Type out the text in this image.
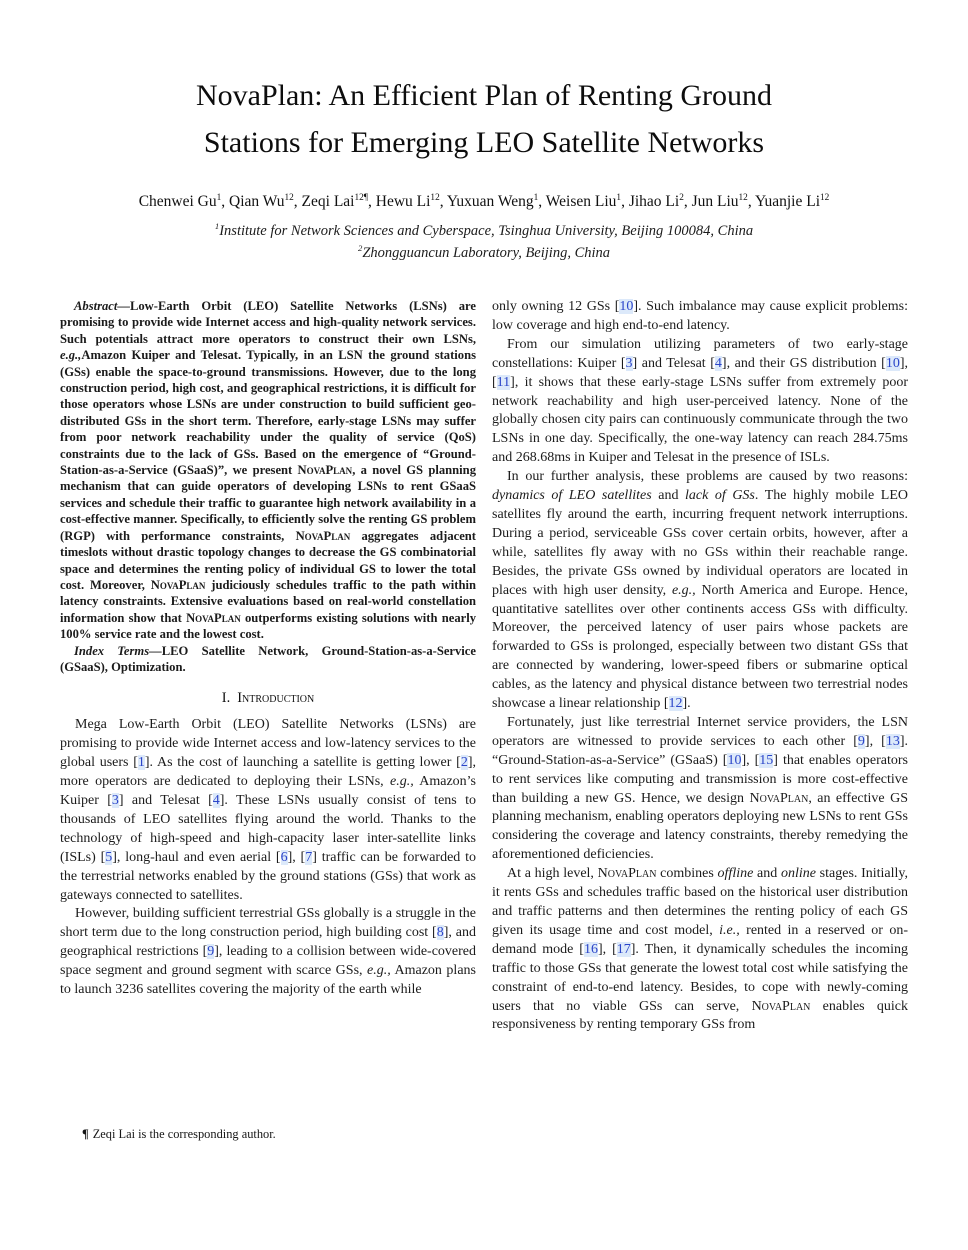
NovaPlan: An Efficient Plan of Renting Ground
Stations for Emerging LEO Satellite Networks
Chenwei Gu$^1$, Qian Wu$^{12}$, Zeqi Lai$^{12\P}$, Hewu Li$^{12}$, Yuxuan Weng$^1$, Weisen Liu$^1$, Jihao Li$^2$, Jun Liu$^{12}$, Yuanjie Li$^{12}$
$^1$Institute for Network Sciences and Cyberspace, Tsinghua University, Beijing 100084, China
$^2$Zhongguancun Laboratory, Beijing, China

Abstract—Low-Earth Orbit (LEO) Satellite Networks (LSNs) are promising to provide wide Internet access and high-quality network services. Such potentials attract more operators to construct their own LSNs, e.g.,Amazon Kuiper and Telesat. Typically, in an LSN the ground stations (GSs) enable the space-to-ground transmissions. However, due to the long construction period, high cost, and geographical restrictions, it is difficult for those operators whose LSNs are under construction to build sufficient geo-distributed GSs in the short term. Therefore, early-stage LSNs may suffer from poor network reachability under the quality of service (QoS) constraints due to the lack of GSs. Based on the emergence of “Ground-Station-as-a-Service (GSaaS)”, we present NovaPlan, a novel GS planning mechanism that can guide operators of developing LSNs to rent GSaaS services and schedule their traffic to guarantee high network availability in a cost-effective manner. Specifically, to efficiently solve the renting GS problem (RGP) with performance constraints, NovaPlan aggregates adjacent timeslots without drastic topology changes to decrease the GS combinatorial space and determines the renting policy of individual GS to lower the total cost. Moreover, NovaPlan judiciously schedules traffic to the path within latency constraints. Extensive evaluations based on real-world constellation information show that NovaPlan outperforms existing solutions with nearly 100% service rate and the lowest cost.

Index Terms—LEO Satellite Network, Ground-Station-as-a-Service (GSaaS), Optimization.

I. Introduction

Mega Low-Earth Orbit (LEO) Satellite Networks (LSNs) are promising to provide wide Internet access and low-latency services to the global users [1]. As the cost of launching a satellite is getting lower [2], more operators are dedicated to deploying their LSNs, e.g., Amazon’s Kuiper [3] and Telesat [4]. These LSNs usually consist of tens to thousands of LEO satellites flying around the world. Thanks to the technology of high-speed and high-capacity laser inter-satellite links (ISLs) [5], long-haul and even aerial [6], [7] traffic can be forwarded to the terrestrial networks enabled by the ground stations (GSs) that work as gateways connected to satellites.

However, building sufficient terrestrial GSs globally is a struggle in the short term due to the long construction period, high building cost [8], and geographical restrictions [9], leading to a collision between wide-covered space segment and ground segment with scarce GSs, e.g., Amazon plans to launch 3236 satellites covering the majority of the earth while

only owning 12 GSs [10]. Such imbalance may cause explicit problems: low coverage and high end-to-end latency.

From our simulation utilizing parameters of two early-stage constellations: Kuiper [3] and Telesat [4], and their GS distribution [10], [11], it shows that these early-stage LSNs suffer from extremely poor network reachability and high user-perceived latency. None of the globally chosen city pairs can continuously communicate through the two LSNs in one day. Specifically, the one-way latency can reach 284.75ms and 268.68ms in Kuiper and Telesat in the presence of ISLs.

In our further analysis, these problems are caused by two reasons: dynamics of LEO satellites and lack of GSs. The highly mobile LEO satellites fly around the earth, incurring frequent network interruptions. During a period, serviceable GSs cover certain orbits, however, after a while, satellites fly away with no GSs within their reachable range. Besides, the private GSs owned by individual operators are located in places with high user density, e.g., North America and Europe. Hence, quantitative satellites over other continents access GSs with difficulty. Moreover, the perceived latency of user pairs whose packets are forwarded to GSs is prolonged, especially between two distant GSs that are connected by wandering, lower-speed fibers or submarine optical cables, as the latency and physical distance between two terrestrial nodes showcase a linear relationship [12].

Fortunately, just like terrestrial Internet service providers, the LSN operators are witnessed to provide services to each other [9], [13]. “Ground-Station-as-a-Service” (GSaaS) [10], [15] that enables operators to rent services like computing and transmission is more cost-effective than building a new GS. Hence, we design NovaPlan, an effective GS planning mechanism, enabling operators deploying new LSNs to rent GSs considering the coverage and latency constraints, thereby remedying the aforementioned deficiencies.

At a high level, NovaPlan combines offline and online stages. Initially, it rents GSs and schedules traffic based on the historical user distribution and traffic patterns and then determines the renting policy of each GS given its usage time and cost model, i.e., rented in a reserved or on-demand mode [16], [17]. Then, it dynamically schedules the incoming traffic to those GSs that generate the lowest total cost while satisfying the constraint of end-to-end latency. Besides, to cope with newly-coming users that no viable GSs can serve, NovaPlan enables quick responsiveness by renting temporary GSs from

¶ Zeqi Lai is the corresponding author.
